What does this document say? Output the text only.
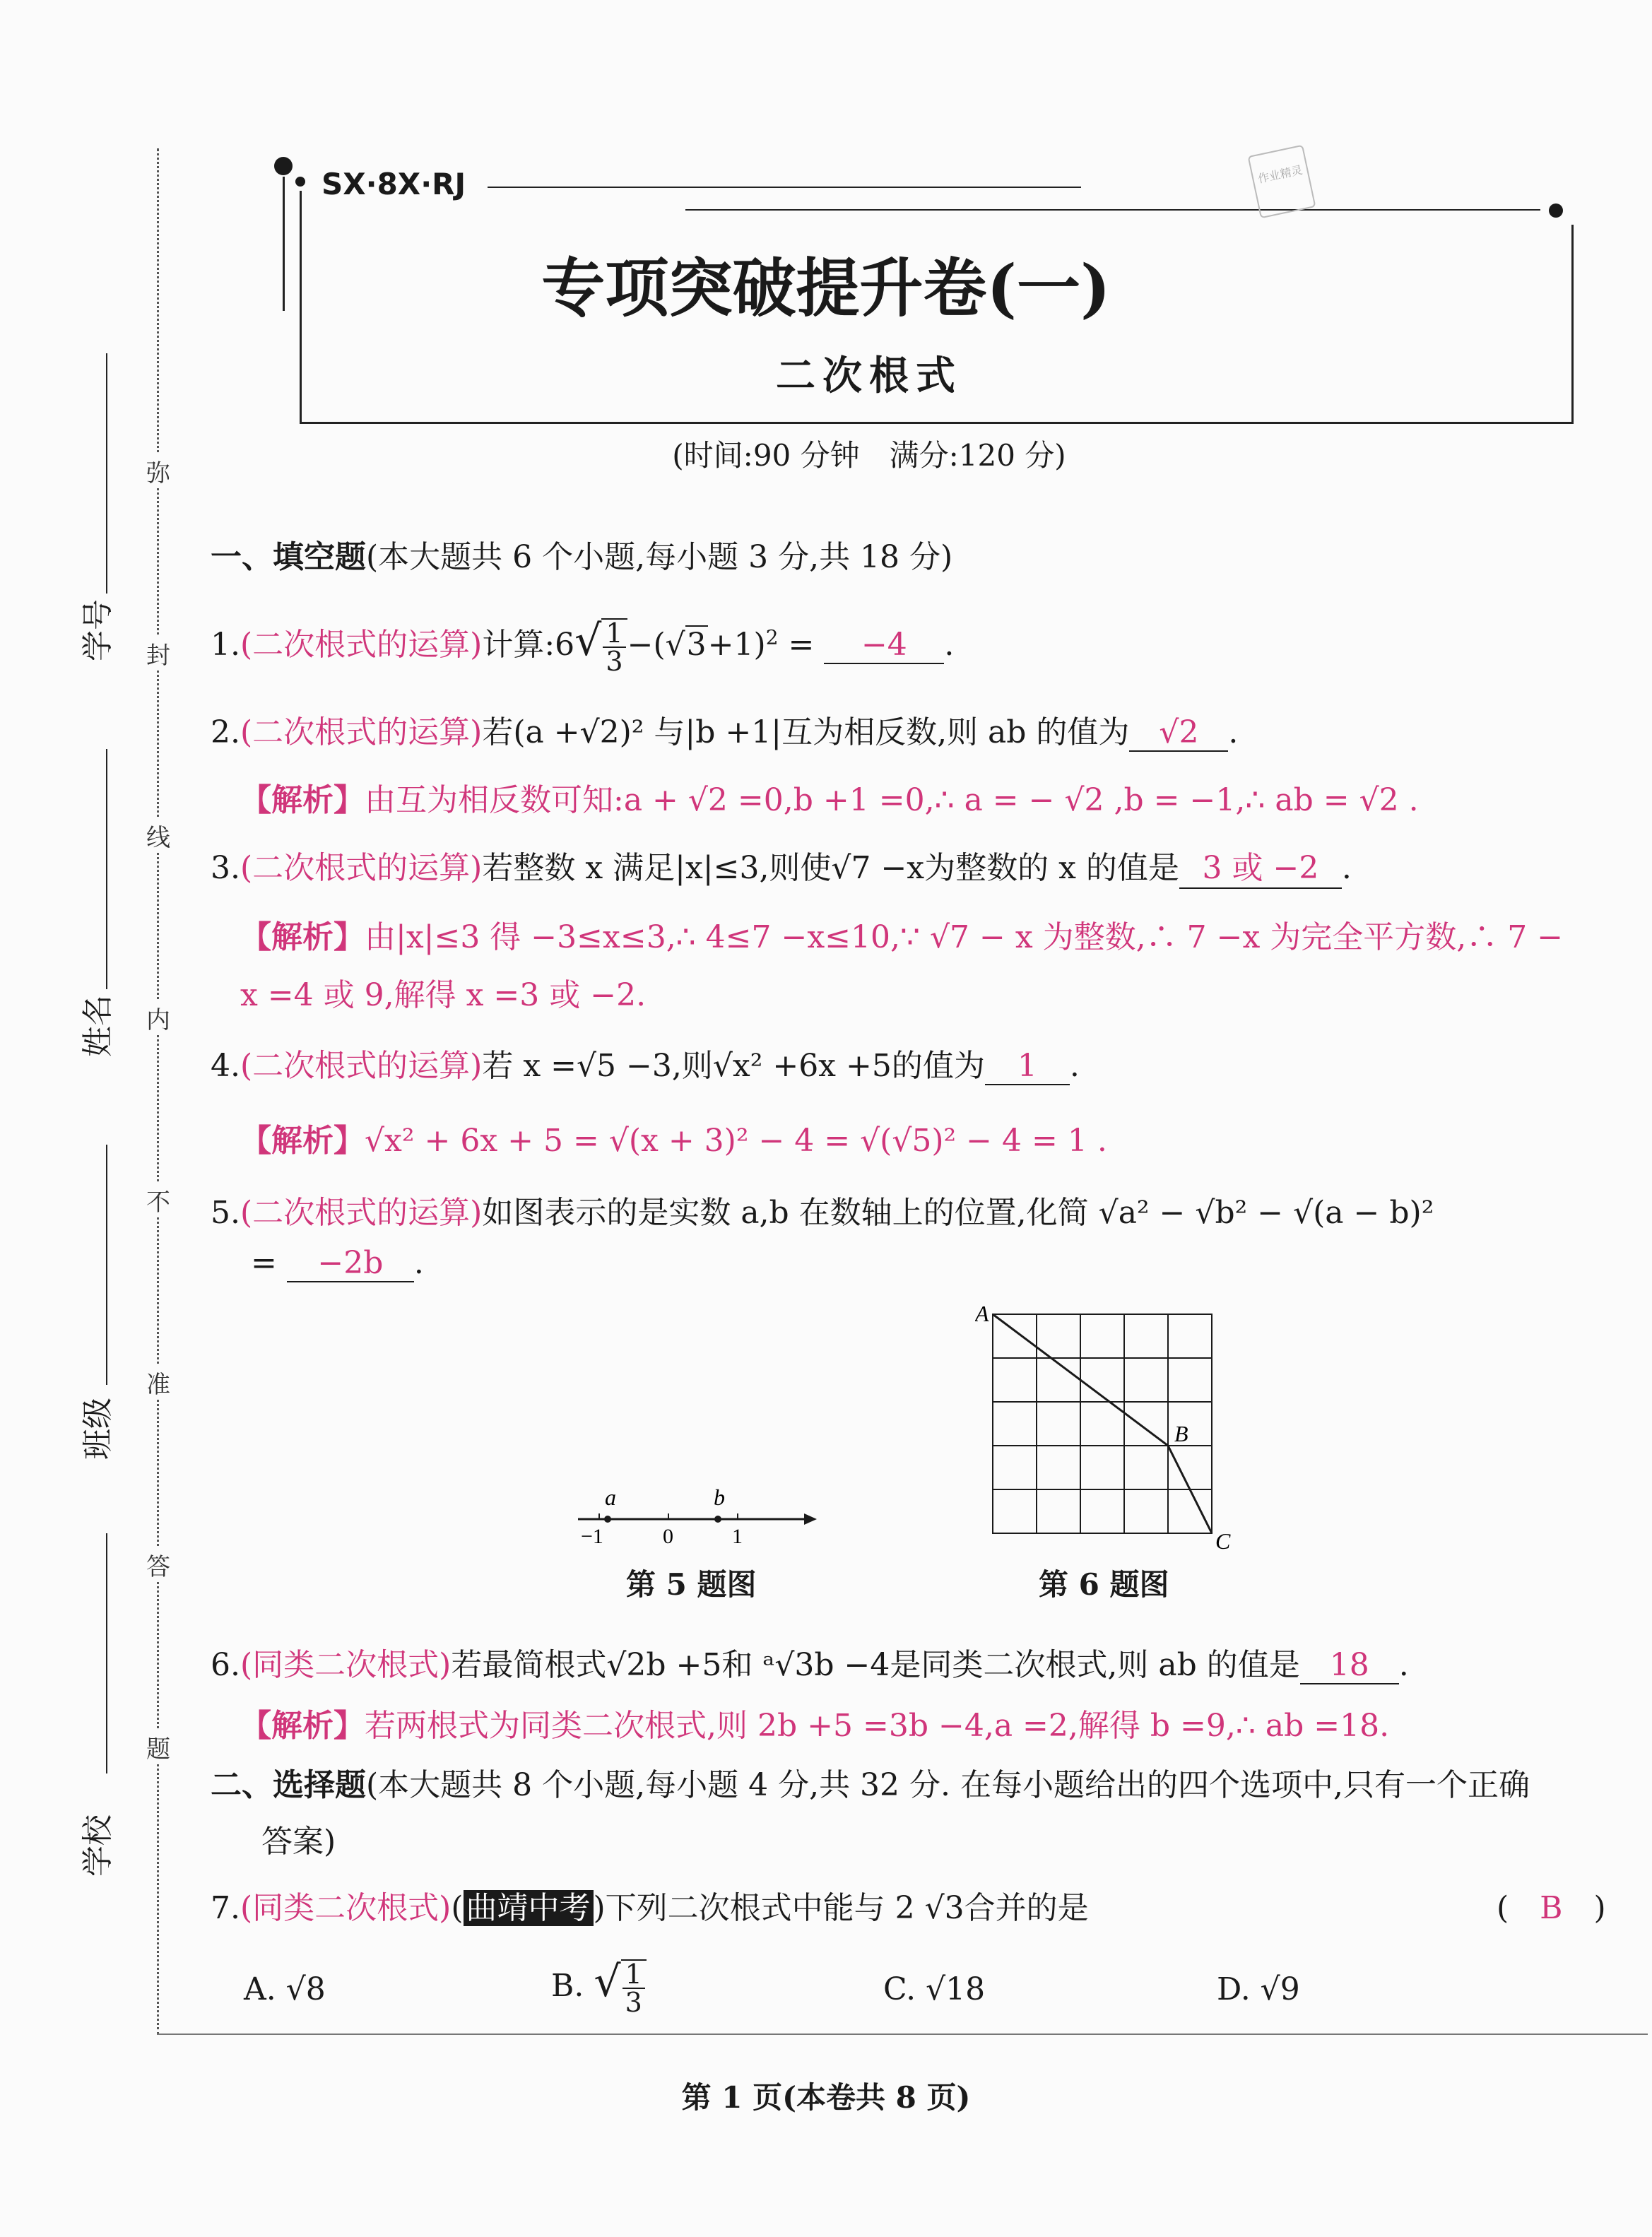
学号
姓名
班级
学校
弥
封
线
内
不
准
答
题
SX·8X·RJ	作业精灵
专项突破提升卷(一)
二次根式
(时间:90 分钟　满分:120 分)
一、填空题(本大题共 6 个小题,每小题 3 分,共 18 分)
1.(二次根式的运算)计算:6√ $\frac{1}{3} -(√3+1)^2 = -4$ .
2.(二次根式的运算)若(a +√2)² 与|b +1|互为相反数,则 ab 的值为 √2 .
【解析】由互为相反数可知:a + √2 =0,b +1 =0,∴ a = − √2 ,b = −1,∴ ab = √2 .
3.(二次根式的运算)若整数 x 满足|x|≤3,则使√7 −x为整数的 x 的值是 3 或 −2 .
【解析】由|x|≤3 得 −3≤x≤3,∴ 4≤7 −x≤10,∵ √7 − x 为整数,∴ 7 −x 为完全平方数,∴ 7 −
x =4 或 9,解得 x =3 或 −2.
4.(二次根式的运算)若 x =√5 −3,则√x² +6x +5的值为 1 .
【解析】√x² + 6x + 5 = √(x + 3)² − 4 = √(√5)² − 4 = 1 .
5.(二次根式的运算)如图表示的是实数 a,b 在数轴上的位置,化简 √a² − √b² − √(a − b)²
= −2b .
a	b
−1	0	1
第 5 题图
A
B
C
第 6 题图
6.(同类二次根式)若最简根式√2b +5和 ᵃ√3b −4是同类二次根式,则 ab 的值是 18 .
【解析】若两根式为同类二次根式,则 2b +5 =3b −4,a =2,解得 b =9,∴ ab =18.
二、选择题(本大题共 8 个小题,每小题 4 分,共 32 分. 在每小题给出的四个选项中,只有一个正确
答案)
7.(同类二次根式)(曲靖中考)下列二次根式中能与 2 √3合并的是	(　 B　 )
A. √8	B. √ $\frac{1}{3}$	C. √18	D. √9
第 1 页(本卷共 8 页)
